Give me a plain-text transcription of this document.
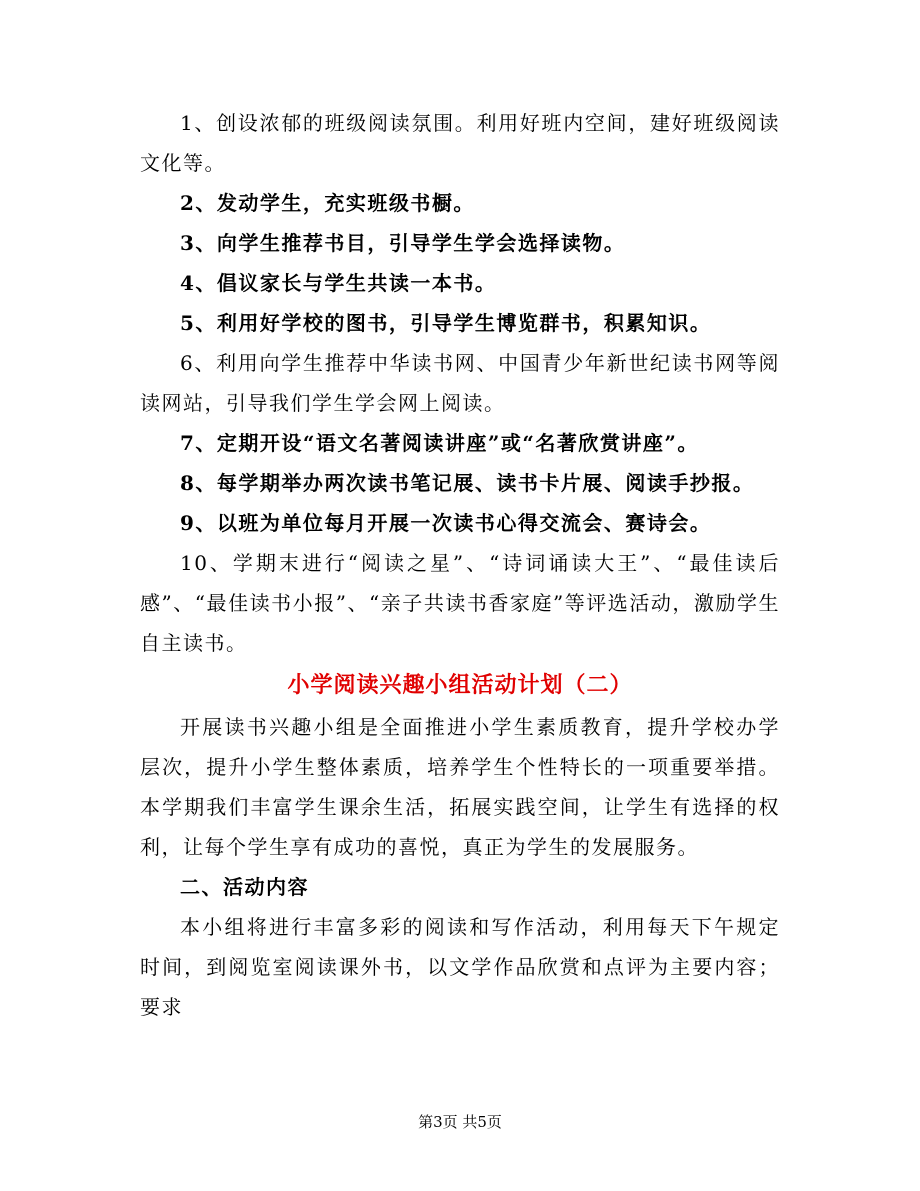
1、创设浓郁的班级阅读氛围。利用好班内空间，建好班级阅读文化等。

2、发动学生，充实班级书橱。

3、向学生推荐书目，引导学生学会选择读物。

4、倡议家长与学生共读一本书。

5、利用好学校的图书，引导学生博览群书，积累知识。

6、利用向学生推荐中华读书网、中国青少年新世纪读书网等阅读网站，引导我们学生学会网上阅读。

7、定期开设“语文名著阅读讲座”或“名著欣赏讲座”。

8、每学期举办两次读书笔记展、读书卡片展、阅读手抄报。

9、以班为单位每月开展一次读书心得交流会、赛诗会。

10、学期末进行“阅读之星”、“诗词诵读大王”、“最佳读后感”、“最佳读书小报”、“亲子共读书香家庭”等评选活动，激励学生自主读书。

小学阅读兴趣小组活动计划（二）

开展读书兴趣小组是全面推进小学生素质教育，提升学校办学层次，提升小学生整体素质，培养学生个性特长的一项重要举措。本学期我们丰富学生课余生活，拓展实践空间，让学生有选择的权利，让每个学生享有成功的喜悦，真正为学生的发展服务。

二、活动内容

本小组将进行丰富多彩的阅读和写作活动，利用每天下午规定时间，到阅览室阅读课外书，以文学作品欣赏和点评为主要内容；要求

第3页 共5页
